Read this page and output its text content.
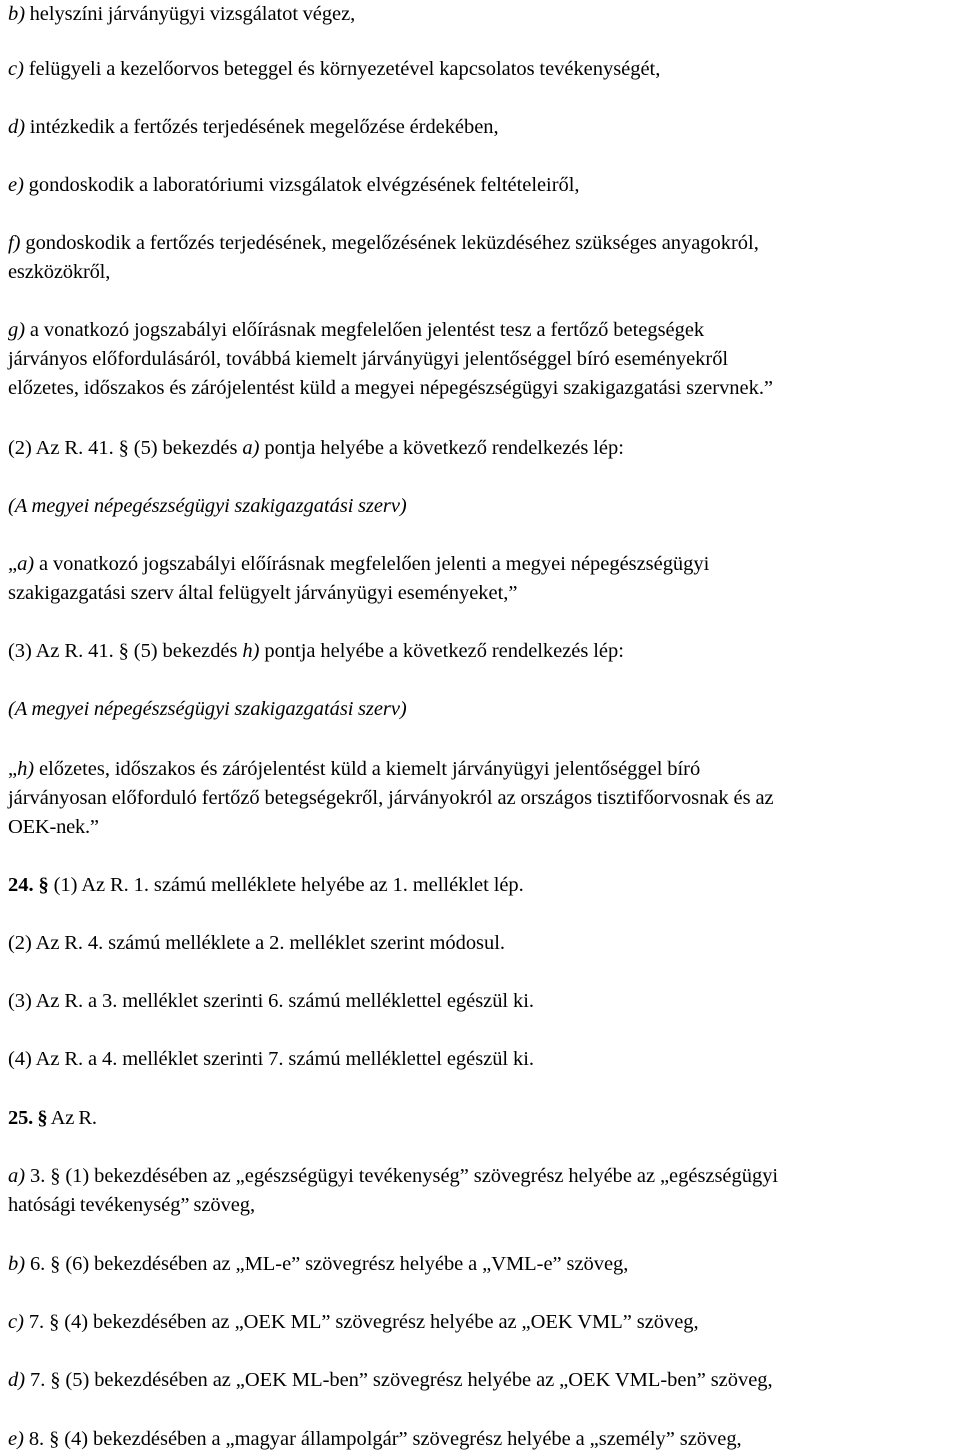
b) helyszíni járványügyi vizsgálatot végez,

c) felügyeli a kezelőorvos beteggel és környezetével kapcsolatos tevékenységét,

d) intézkedik a fertőzés terjedésének megelőzése érdekében,

e) gondoskodik a laboratóriumi vizsgálatok elvégzésének feltételeiről,

f) gondoskodik a fertőzés terjedésének, megelőzésének leküzdéséhez szükséges anyagokról,
eszközökről,
g) a vonatkozó jogszabályi előírásnak megfelelően jelentést tesz a fertőző betegségek
járványos előfordulásáról, továbbá kiemelt járványügyi jelentőséggel bíró eseményekről
előzetes, időszakos és zárójelentést küld a megyei népegészségügyi szakigazgatási szervnek.”

(2) Az R. 41. § (5) bekezdés a) pontja helyébe a következő rendelkezés lép:

(A megyei népegészségügyi szakigazgatási szerv)

„a) a vonatkozó jogszabályi előírásnak megfelelően jelenti a megyei népegészségügyi
szakigazgatási szerv által felügyelt járványügyi eseményeket,”

(3) Az R. 41. § (5) bekezdés h) pontja helyébe a következő rendelkezés lép:

(A megyei népegészségügyi szakigazgatási szerv)

„h) előzetes, időszakos és zárójelentést küld a kiemelt járványügyi jelentőséggel bíró
járványosan előforduló fertőző betegségekről, járványokról az országos tisztifőorvosnak és az
OEK-nek.”

24. § (1) Az R. 1. számú melléklete helyébe az 1. melléklet lép.

(2) Az R. 4. számú melléklete a 2. melléklet szerint módosul.

(3) Az R. a 3. melléklet szerinti 6. számú melléklettel egészül ki.

(4) Az R. a 4. melléklet szerinti 7. számú melléklettel egészül ki.

25. § Az R.

a) 3. § (1) bekezdésében az „egészségügyi tevékenység” szövegrész helyébe az „egészségügyi
hatósági tevékenység” szöveg,

b) 6. § (6) bekezdésében az „ML-e” szövegrész helyébe a „VML-e” szöveg,

c) 7. § (4) bekezdésében az „OEK ML” szövegrész helyébe az „OEK VML” szöveg,

d) 7. § (5) bekezdésében az „OEK ML-ben” szövegrész helyébe az „OEK VML-ben” szöveg,

e) 8. § (4) bekezdésében a „magyar állampolgár” szövegrész helyébe a „személy” szöveg,
